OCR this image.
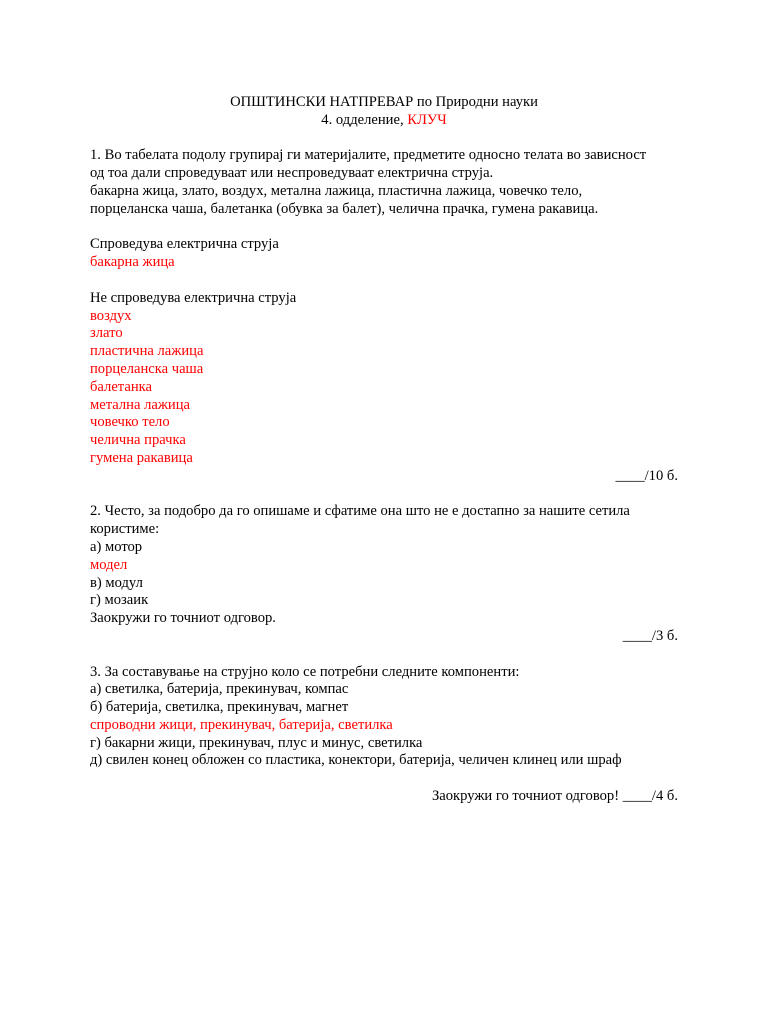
ОПШТИНСКИ НАТПРЕВАР по Природни науки

4. одделение, КЛУЧ

1. Во табелата подолу групирај ги материјалите, предметите односно телата во зависност

од тоа дали спроведуваат или неспроведуваат електрична струја.

бакарна жица, злато, воздух, метална лажица, пластична лажица, човечко тело,

порцеланска чаша, балетанка (обувка за балет), челична прачка, гумена ракавица.

Спроведува електрична струја

бакарна жица

Не спроведува електрична струја

воздух

злато

пластична лажица

порцеланска чаша

балетанка

метална лажица

човечко тело

челична прачка

гумена ракавица

____/10 б.

2. Често, за подобро да го опишаме и сфатиме она што не е достапно за нашите сетила

користиме:

а) мотор

модел

в) модул

г) мозаик

Заокружи го точниот одговор.

____/3 б.

3. За составување на струјно коло се потребни следните компоненти:

а) светилка, батерија, прекинувач, компас

б) батерија, светилка, прекинувач, магнет

спроводни жици, прекинувач, батерија, светилка

г) бакарни жици, прекинувач, плус и минус, светилка

д) свилен конец обложен со пластика, конектори, батерија, челичен клинец или шраф

Заокружи го точниот одговор! ____/4 б.
